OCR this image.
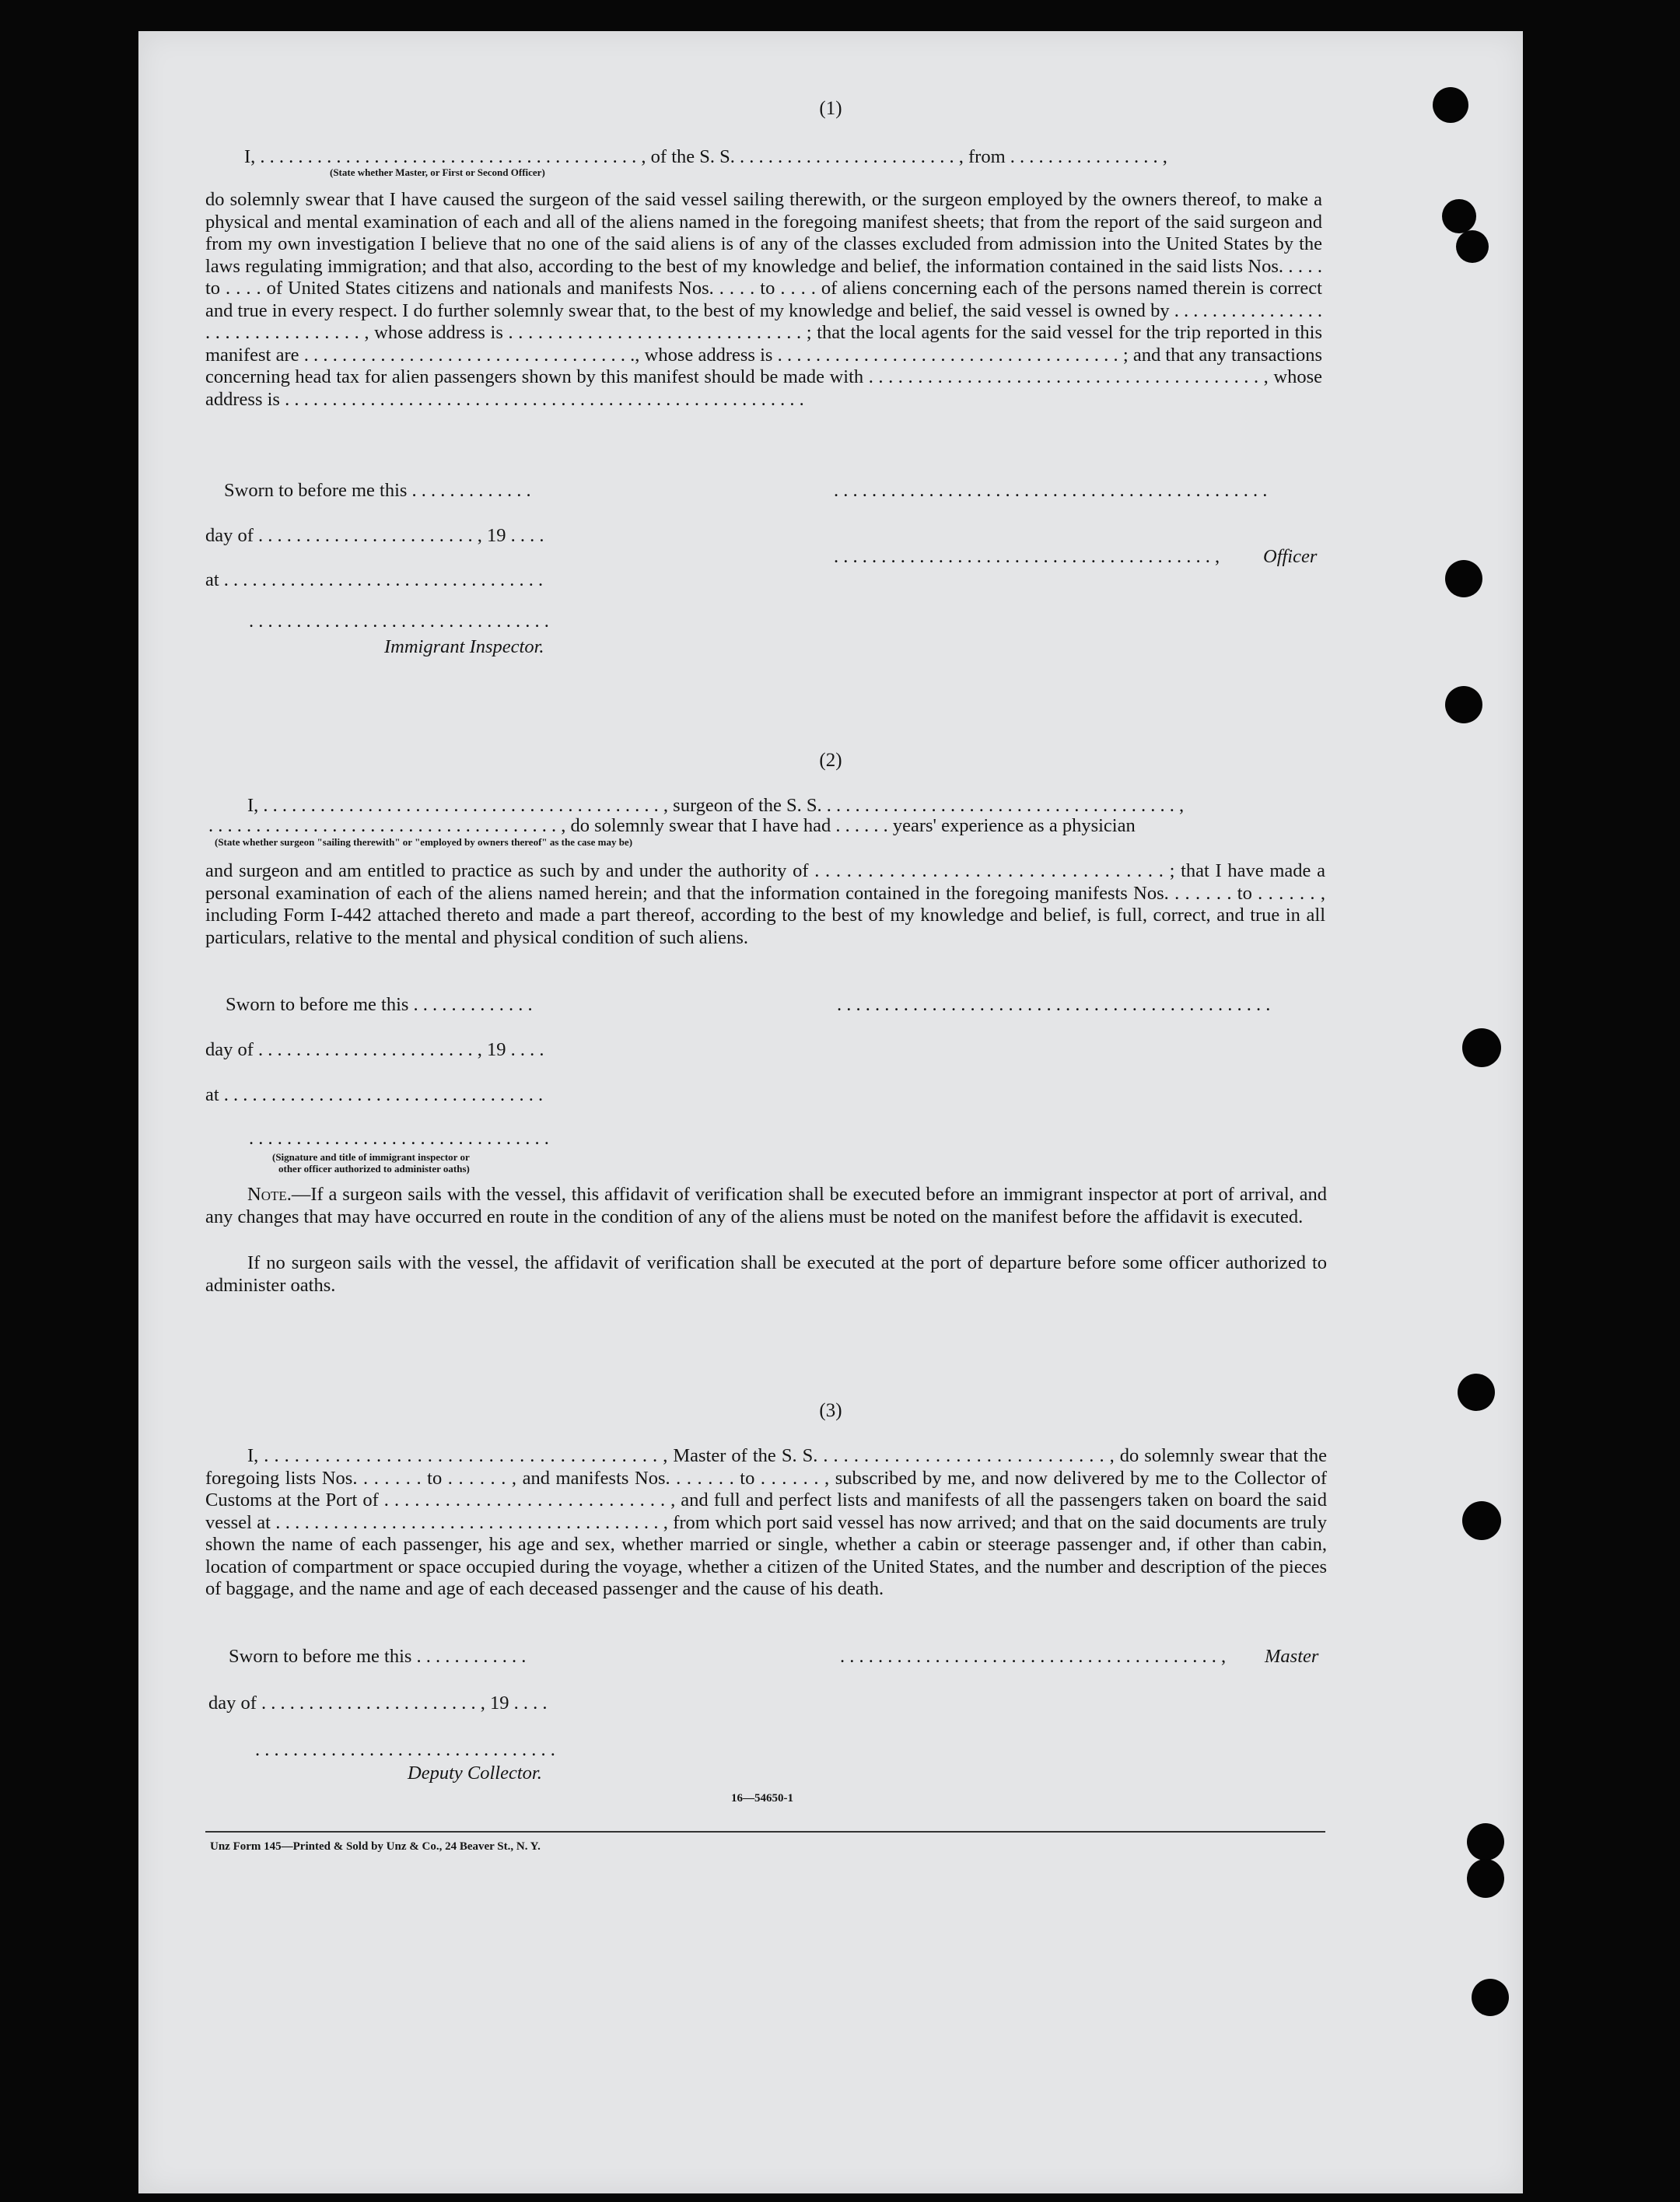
(1)
I, . . . . . . . . . . . . . . . . . . . . . . . . . . . . . . . . . . . . . . . . , of the S. S. . . . . . . . . . . . . . . . . . . . . . . . , from . . . . . . . . . . . . . . . . ,
(State whether Master, or First or Second Officer)
do solemnly swear that I have caused the surgeon of the said vessel sailing therewith, or the surgeon employed by the owners thereof, to make a physical and mental examination of each and all of the aliens named in the foregoing manifest sheets; that from the report of the said surgeon and from my own investigation I believe that no one of the said aliens is of any of the classes excluded from admission into the United States by the laws regulating immigration; and that also, according to the best of my knowledge and belief, the information contained in the said lists Nos. . . . . to . . . . of United States citizens and nationals and manifests Nos. . . . . to . . . . of aliens concerning each of the persons named therein is correct and true in every respect. I do further solemnly swear that, to the best of my knowledge and belief, the said vessel is owned by . . . . . . . . . . . . . . . . . . . . . . . . . . . . . . . . , whose address is . . . . . . . . . . . . . . . . . . . . . . . . . . . . . . ; that the local agents for the said vessel for the trip reported in this manifest are . . . . . . . . . . . . . . . . . . . . . . . . . . . . . . . . . . ., whose address is . . . . . . . . . . . . . . . . . . . . . . . . . . . . . . . . . . . . ; and that any transactions concerning head tax for alien passengers shown by this manifest should be made with . . . . . . . . . . . . . . . . . . . . . . . . . . . . . . . . . . . . . . . . , whose address is . . . . . . . . . . . . . . . . . . . . . . . . . . . . . . . . . . . . . . . . . . . . . . . . . . . . . . .
Sworn to before me this . . . . . . . . . . . . .	. . . . . . . . . . . . . . . . . . . . . . . . . . . . . . . . . . . . . . . . . . . . . .
day of . . . . . . . . . . . . . . . . . . . . . . . , 19 . . . .
. . . . . . . . . . . . . . . . . . . . . . . . . . . . . . . . . . . . . . . . , Officer
at . . . . . . . . . . . . . . . . . . . . . . . . . . . . . . . . . .
. . . . . . . . . . . . . . . . . . . . . . . . . . . . . . . .
Immigrant Inspector.
(2)
I, . . . . . . . . . . . . . . . . . . . . . . . . . . . . . . . . . . . . . . . . . . , surgeon of the S. S. . . . . . . . . . . . . . . . . . . . . . . . . . . . . . . . . . . . . . ,
. . . . . . . . . . . . . . . . . . . . . . . . . . . . . . . . . . . . . , do solemnly swear that I have had . . . . . . years' experience as a physician
(State whether surgeon "sailing therewith" or "employed by owners thereof" as the case may be)
and surgeon and am entitled to practice as such by and under the authority of . . . . . . . . . . . . . . . . . . . . . . . . . . . . . . . . . ; that I have made a personal examination of each of the aliens named herein; and that the information contained in the foregoing manifests Nos. . . . . . . to . . . . . . , including Form I-442 attached thereto and made a part thereof, according to the best of my knowledge and belief, is full, correct, and true in all particulars, relative to the mental and physical condition of such aliens.
Sworn to before me this . . . . . . . . . . . . .	. . . . . . . . . . . . . . . . . . . . . . . . . . . . . . . . . . . . . . . . . . . . . .
day of . . . . . . . . . . . . . . . . . . . . . . . , 19 . . . .
at . . . . . . . . . . . . . . . . . . . . . . . . . . . . . . . . . .
. . . . . . . . . . . . . . . . . . . . . . . . . . . . . . . .
(Signature and title of immigrant inspector or
other officer authorized to administer oaths)
Note.—If a surgeon sails with the vessel, this affidavit of verification shall be executed before an immigrant inspector at port of arrival, and any changes that may have occurred en route in the condition of any of the aliens must be noted on the manifest before the affidavit is executed.
If no surgeon sails with the vessel, the affidavit of verification shall be executed at the port of departure before some officer authorized to administer oaths.
(3)
I, . . . . . . . . . . . . . . . . . . . . . . . . . . . . . . . . . . . . . . . , Master of the S. S. . . . . . . . . . . . . . . . . . . . . . . . . . . . . , do solemnly swear that the foregoing lists Nos. . . . . . . to . . . . . . , and manifests Nos. . . . . . . to . . . . . . , subscribed by me, and now delivered by me to the Collector of Customs at the Port of . . . . . . . . . . . . . . . . . . . . . . . . . . . . , and full and perfect lists and manifests of all the passengers taken on board the said vessel at . . . . . . . . . . . . . . . . . . . . . . . . . . . . . . . . . . . . . . . . , from which port said vessel has now arrived; and that on the said documents are truly shown the name of each passenger, his age and sex, whether married or single, whether a cabin or steerage passenger and, if other than cabin, location of compartment or space occupied during the voyage, whether a citizen of the United States, and the number and description of the pieces of baggage, and the name and age of each deceased passenger and the cause of his death.
Sworn to before me this . . . . . . . . . . . .	. . . . . . . . . . . . . . . . . . . . . . . . . . . . . . . . . . . . . . . . , Master
day of . . . . . . . . . . . . . . . . . . . . . . . , 19 . . . .
. . . . . . . . . . . . . . . . . . . . . . . . . . . . . . . .
Deputy Collector.
16—54650-1
Unz Form 145—Printed & Sold by Unz & Co., 24 Beaver St., N. Y.
